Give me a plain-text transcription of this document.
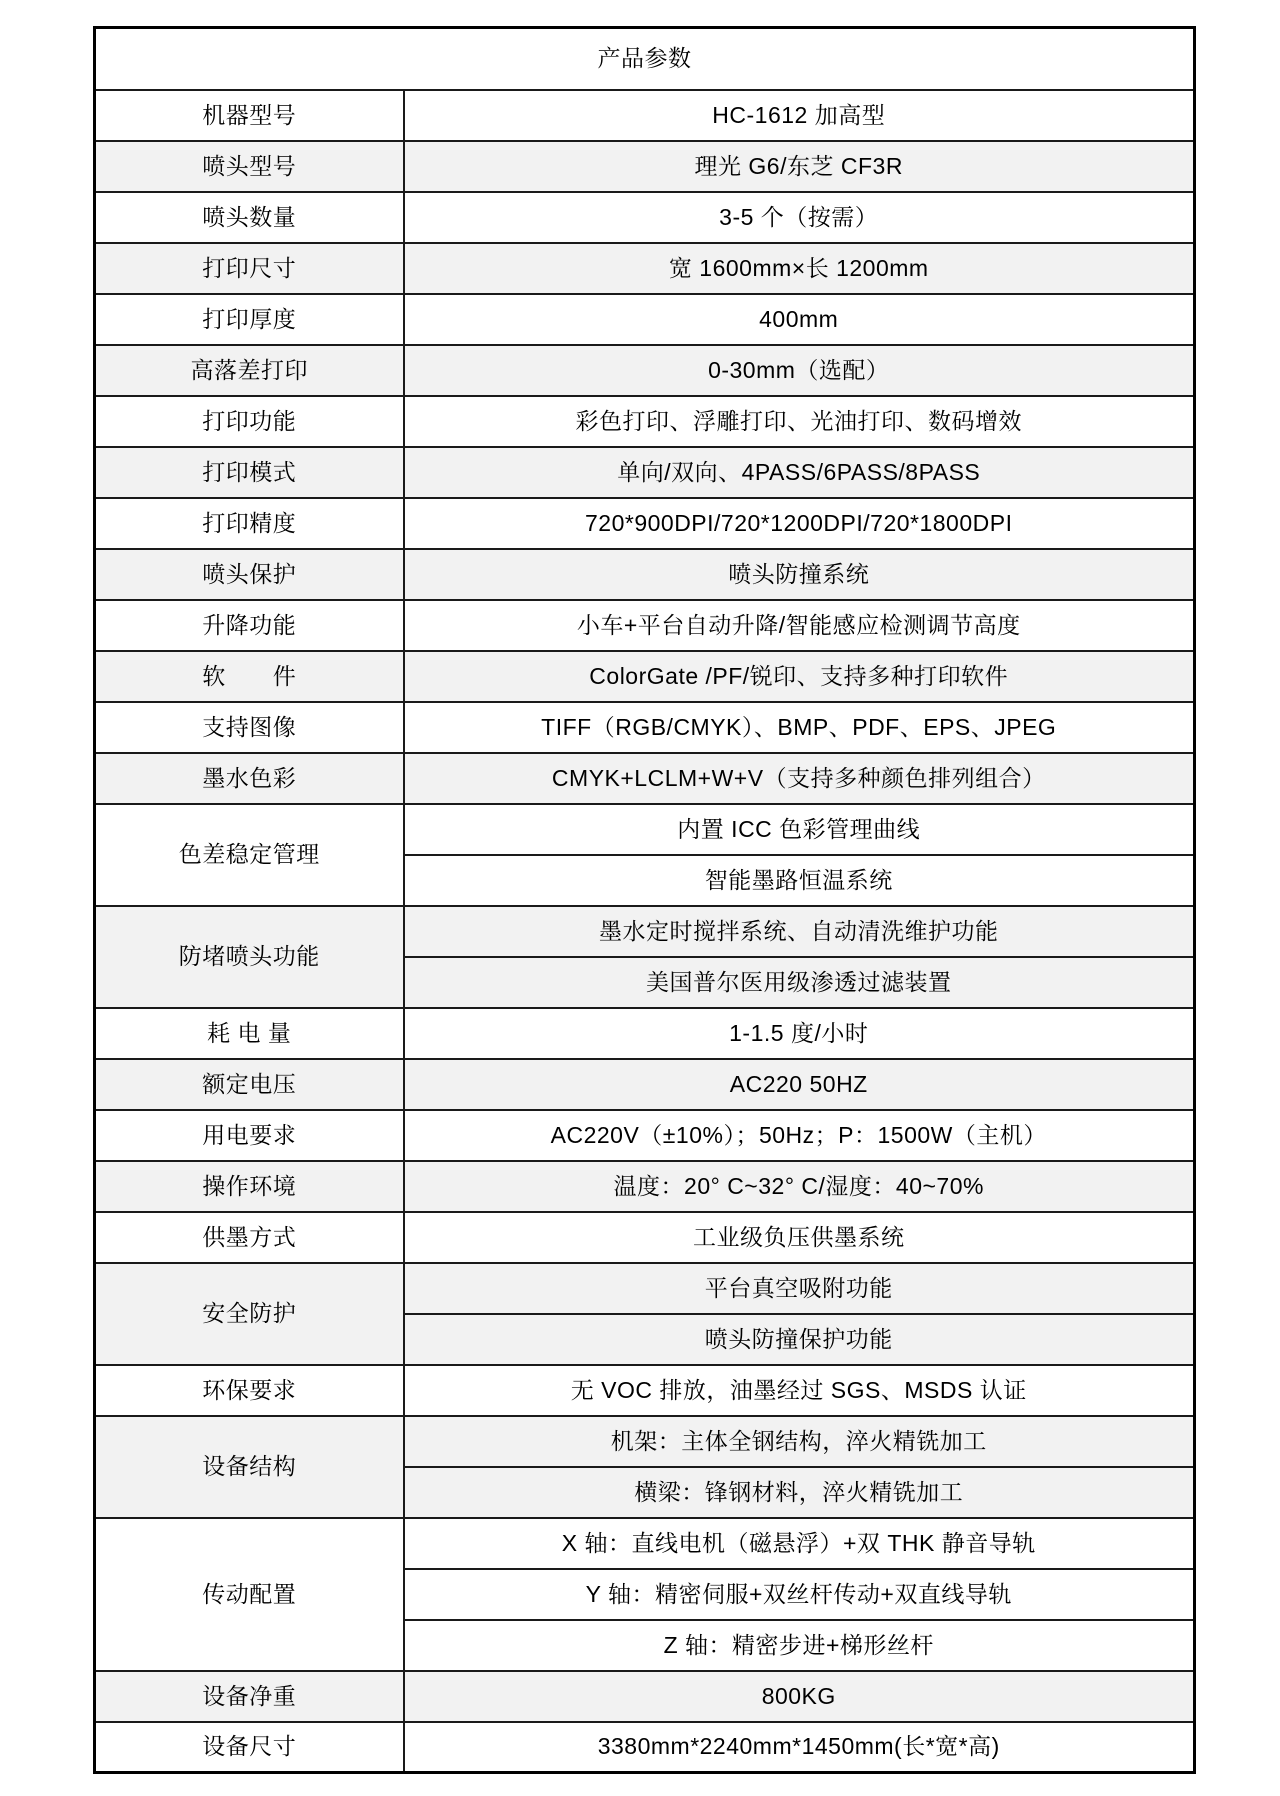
产品参数	
机器型号	HC-1612 加高型
喷头型号	理光 G6/东芝 CF3R
喷头数量	3-5 个（按需）
打印尺寸	宽 1600mm×长 1200mm
打印厚度	400mm
高落差打印	0-30mm（选配）
打印功能	彩色打印、浮雕打印、光油打印、数码增效
打印模式	单向/双向、4PASS/6PASS/8PASS
打印精度	720*900DPI/720*1200DPI/720*1800DPI
喷头保护	喷头防撞系统
升降功能	小车+平台自动升降/智能感应检测调节高度
软　　件	ColorGate /PF/锐印、支持多种打印软件
支持图像	TIFF（RGB/CMYK）、BMP、PDF、EPS、JPEG
墨水色彩	CMYK+LCLM+W+V（支持多种颜色排列组合）
色差稳定管理	内置 ICC 色彩管理曲线
	智能墨路恒温系统
防堵喷头功能	墨水定时搅拌系统、自动清洗维护功能
	美国普尔医用级渗透过滤装置
耗 电 量	1-1.5 度/小时
额定电压	AC220 50HZ
用电要求	AC220V（±10%）；50Hz；P：1500W（主机）
操作环境	温度：20° C~32° C/湿度：40~70%
供墨方式	工业级负压供墨系统
安全防护	平台真空吸附功能
	喷头防撞保护功能
环保要求	无 VOC 排放，油墨经过 SGS、MSDS 认证
设备结构	机架：主体全钢结构，淬火精铣加工
	横梁：锋钢材料，淬火精铣加工
传动配置	X 轴：直线电机（磁悬浮）+双 THK 静音导轨
	Y 轴：精密伺服+双丝杆传动+双直线导轨
	Z 轴：精密步进+梯形丝杆
设备净重	800KG
设备尺寸	3380mm*2240mm*1450mm(长*宽*高)
